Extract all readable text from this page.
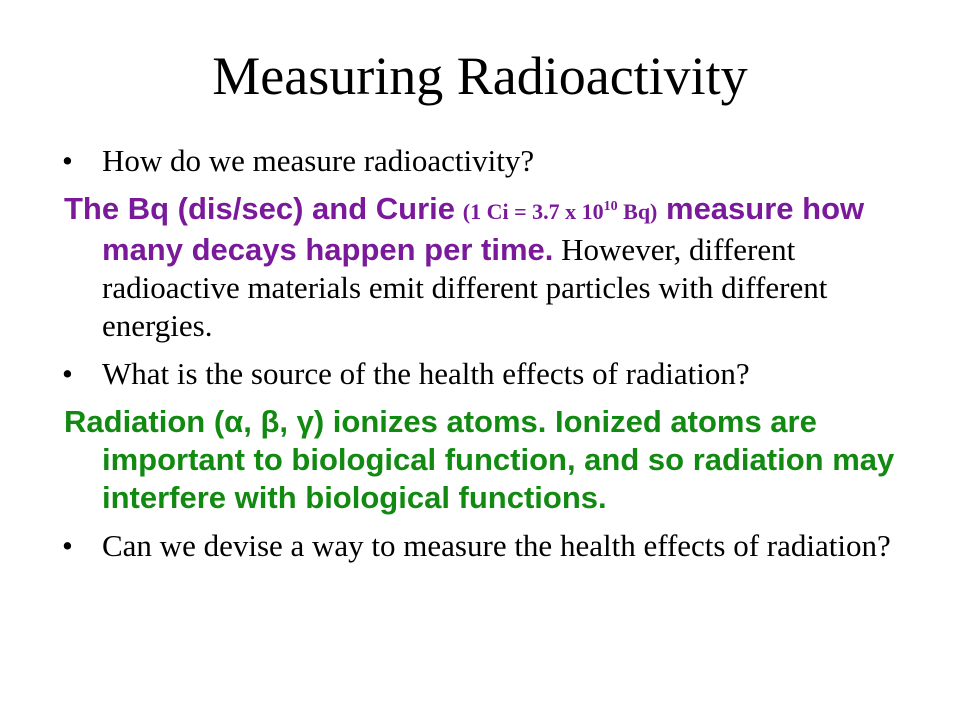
Measuring Radioactivity
• How do we measure radioactivity?
The Bq (dis/sec) and Curie (1 Ci = 3.7 x $10^{10}$ Bq) measure how many decays happen per time. However, different radioactive materials emit different particles with different energies.
• What is the source of the health effects of radiation?
Radiation (α, β, γ) ionizes atoms. Ionized atoms are important to biological function, and so radiation may interfere with biological functions.
• Can we devise a way to measure the health effects of radiation?
